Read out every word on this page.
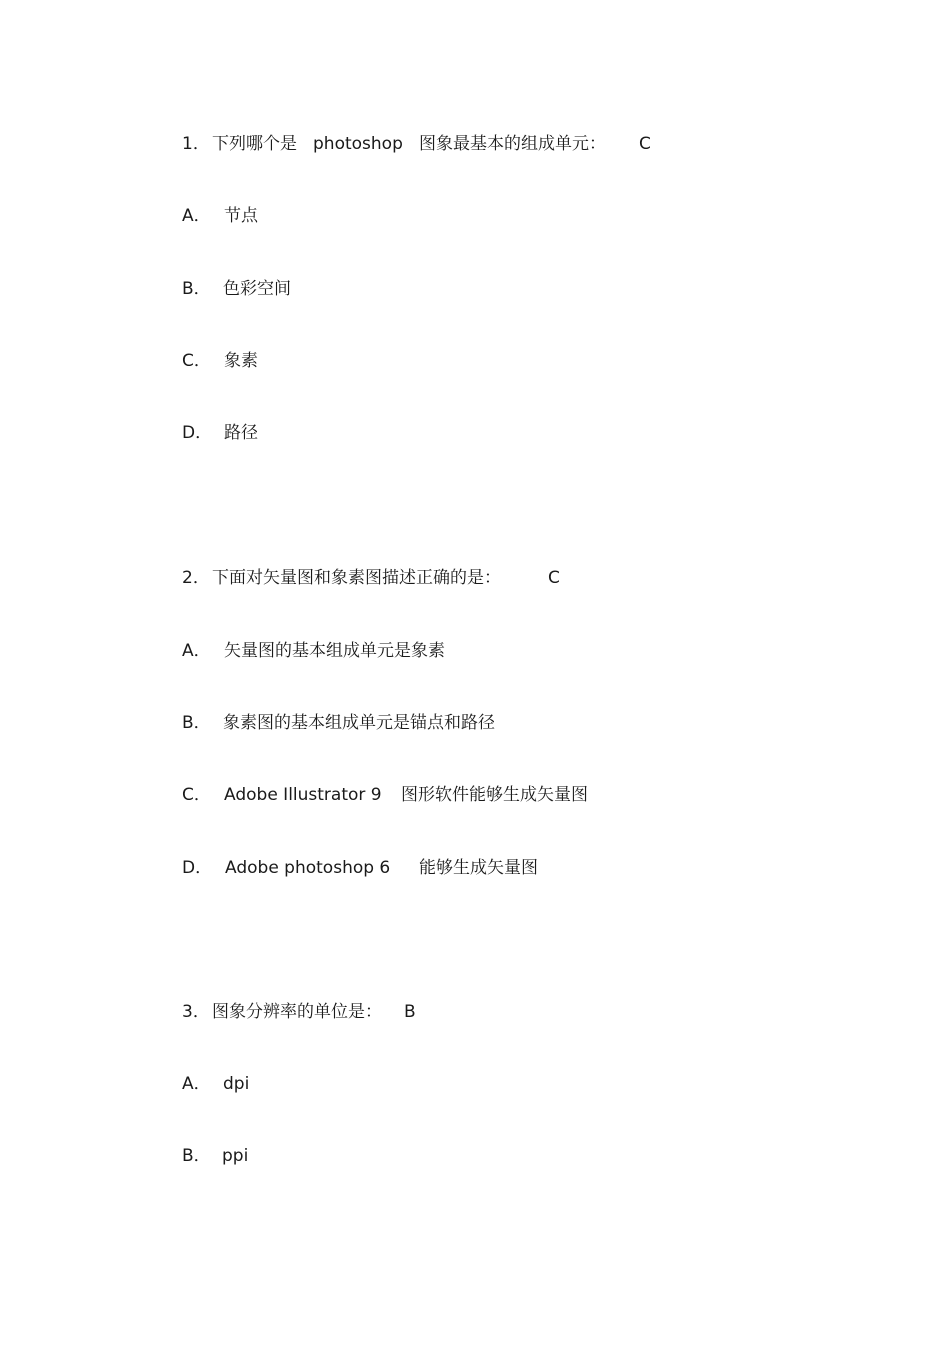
1． 下列哪个是 photoshop 图象最基本的组成单元： C
A． 节点
B． 色彩空间
C． 象素
D． 路径
2． 下面对矢量图和象素图描述正确的是：	C
A． 矢量图的基本组成单元是象素
B． 象素图的基本组成单元是锚点和路径
C． Adobe Illustrator 9 图形软件能够生成矢量图
D． Adobe photoshop 6 能够生成矢量图
3． 图象分辨率的单位是： B
A． dpi
B． ppi
